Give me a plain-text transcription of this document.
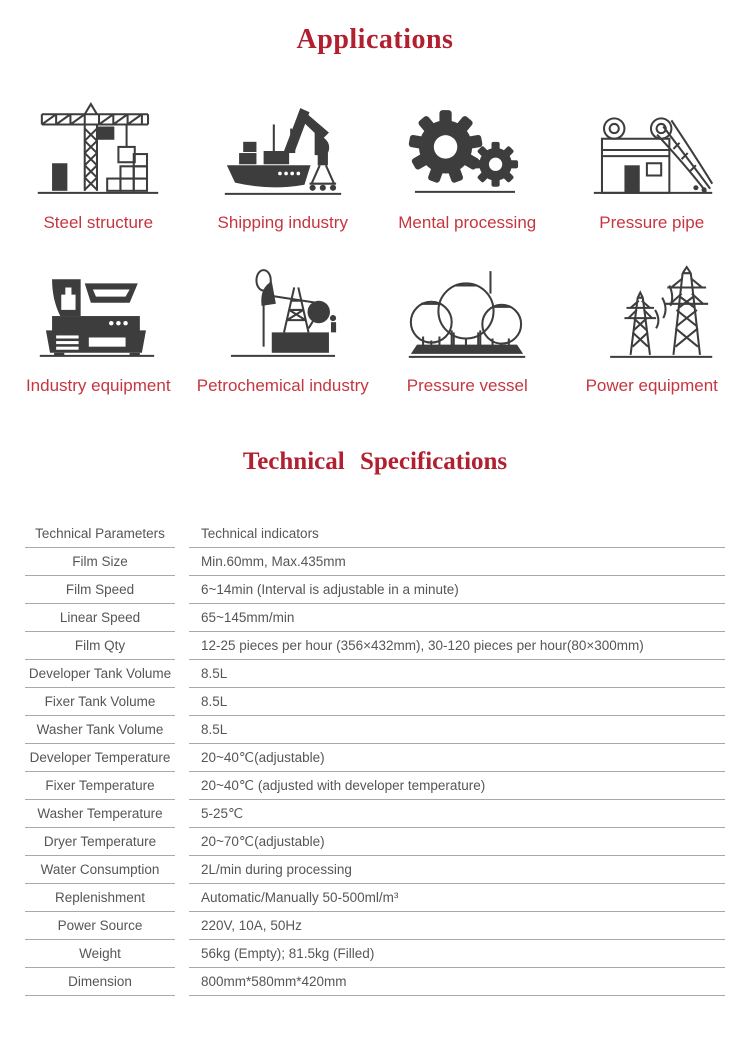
Applications
Steel structure	Shipping industry	Mental processing	Pressure pipe
Industry equipment Petrochemical industry Pressure vessel	Power equipment
Technical Specifications
Technical Parameters	Technical indicators
Film Size	Min.60mm, Max.435mm
Film Speed	6~14min (Interval is adjustable in a minute)
Linear Speed	65~145mm/min
Film Qty	12-25 pieces per hour (356×432mm), 30-120 pieces per hour(80×300mm)
Developer Tank Volume	8.5L
Fixer Tank Volume	8.5L
Washer Tank Volume	8.5L
Developer Temperature	20~40℃(adjustable)
Fixer Temperature	20~40℃ (adjusted with developer temperature)
Washer Temperature	5-25℃
Dryer Temperature	20~70℃(adjustable)
Water Consumption	2L/min during processing
Replenishment	Automatic/Manually 50-500ml/m³
Power Source	220V, 10A, 50Hz
Weight	56kg (Empty); 81.5kg (Filled)
Dimension	800mm*580mm*420mm
